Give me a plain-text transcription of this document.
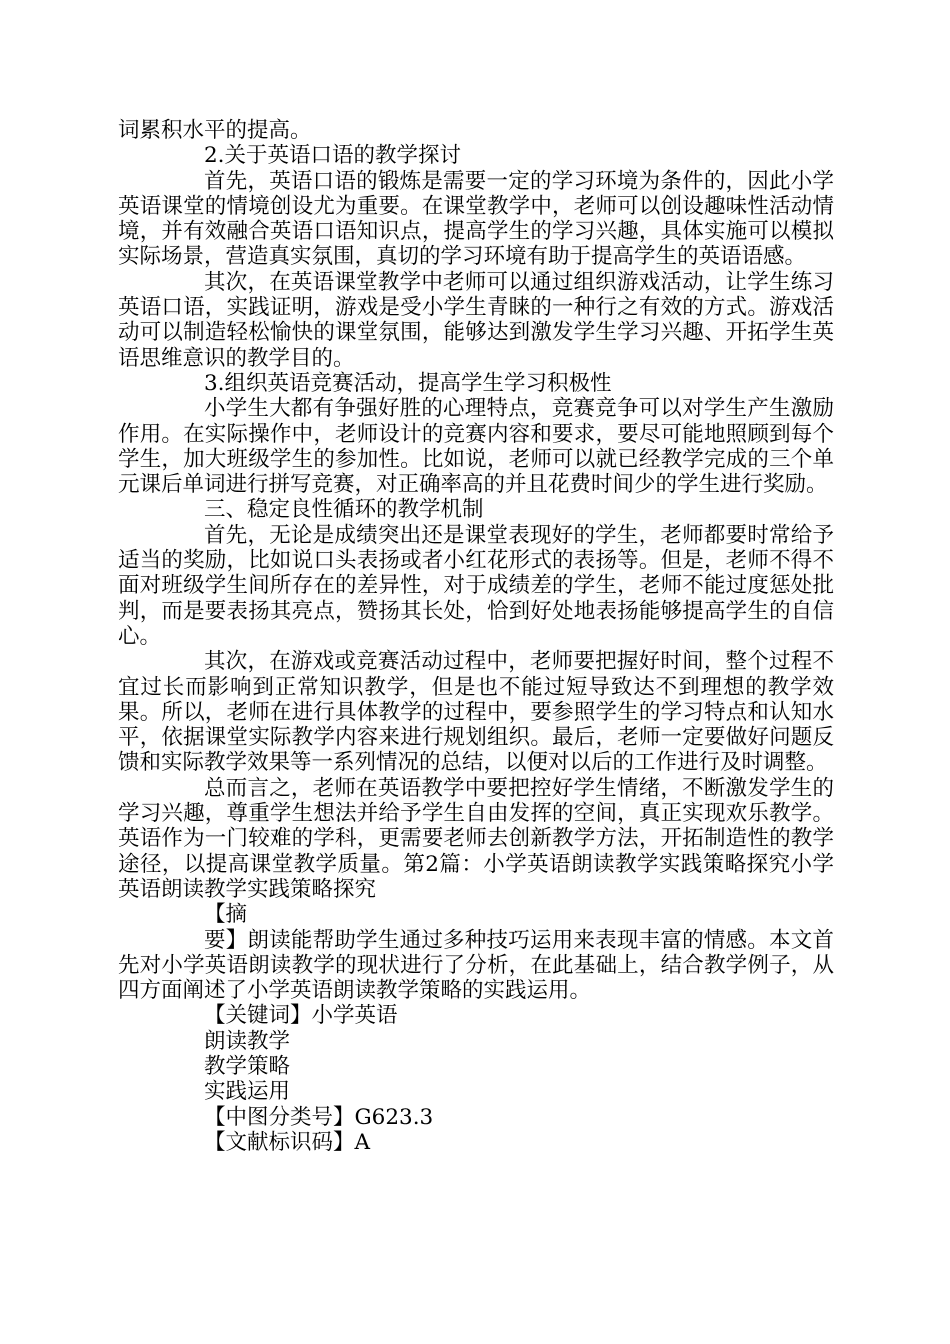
词累积水平的提高。

2.关于英语口语的教学探讨

首先，英语口语的锻炼是需要一定的学习环境为条件的，因此小学英语课堂的情境创设尤为重要。在课堂教学中，老师可以创设趣味性活动情境，并有效融合英语口语知识点，提高学生的学习兴趣，具体实施可以模拟实际场景，营造真实氛围，真切的学习环境有助于提高学生的英语语感。

其次，在英语课堂教学中老师可以通过组织游戏活动，让学生练习英语口语，实践证明，游戏是受小学生青睐的一种行之有效的方式。游戏活动可以制造轻松愉快的课堂氛围，能够达到激发学生学习兴趣、开拓学生英语思维意识的教学目的。

3.组织英语竞赛活动，提高学生学习积极性

小学生大都有争强好胜的心理特点，竞赛竞争可以对学生产生激励作用。在实际操作中，老师设计的竞赛内容和要求，要尽可能地照顾到每个学生，加大班级学生的参加性。比如说，老师可以就已经教学完成的三个单元课后单词进行拼写竞赛，对正确率高的并且花费时间少的学生进行奖励。

三、稳定良性循环的教学机制

首先，无论是成绩突出还是课堂表现好的学生，老师都要时常给予适当的奖励，比如说口头表扬或者小红花形式的表扬等。但是，老师不得不面对班级学生间所存在的差异性，对于成绩差的学生，老师不能过度惩处批判，而是要表扬其亮点，赞扬其长处，恰到好处地表扬能够提高学生的自信心。

其次，在游戏或竞赛活动过程中，老师要把握好时间，整个过程不宜过长而影响到正常知识教学，但是也不能过短导致达不到理想的教学效果。所以，老师在进行具体教学的过程中，要参照学生的学习特点和认知水平，依据课堂实际教学内容来进行规划组织。最后，老师一定要做好问题反馈和实际教学效果等一系列情况的总结，以便对以后的工作进行及时调整。

总而言之，老师在英语教学中要把控好学生情绪，不断激发学生的学习兴趣，尊重学生想法并给予学生自由发挥的空间，真正实现欢乐教学。英语作为一门较难的学科，更需要老师去创新教学方法，开拓制造性的教学途径，以提高课堂教学质量。第2篇：小学英语朗读教学实践策略探究小学英语朗读教学实践策略探究

【摘

要】朗读能帮助学生通过多种技巧运用来表现丰富的情感。本文首先对小学英语朗读教学的现状进行了分析，在此基础上，结合教学例子，从四方面阐述了小学英语朗读教学策略的实践运用。

【关键词】小学英语

朗读教学

教学策略

实践运用

【中图分类号】G623.3

【文献标识码】A
